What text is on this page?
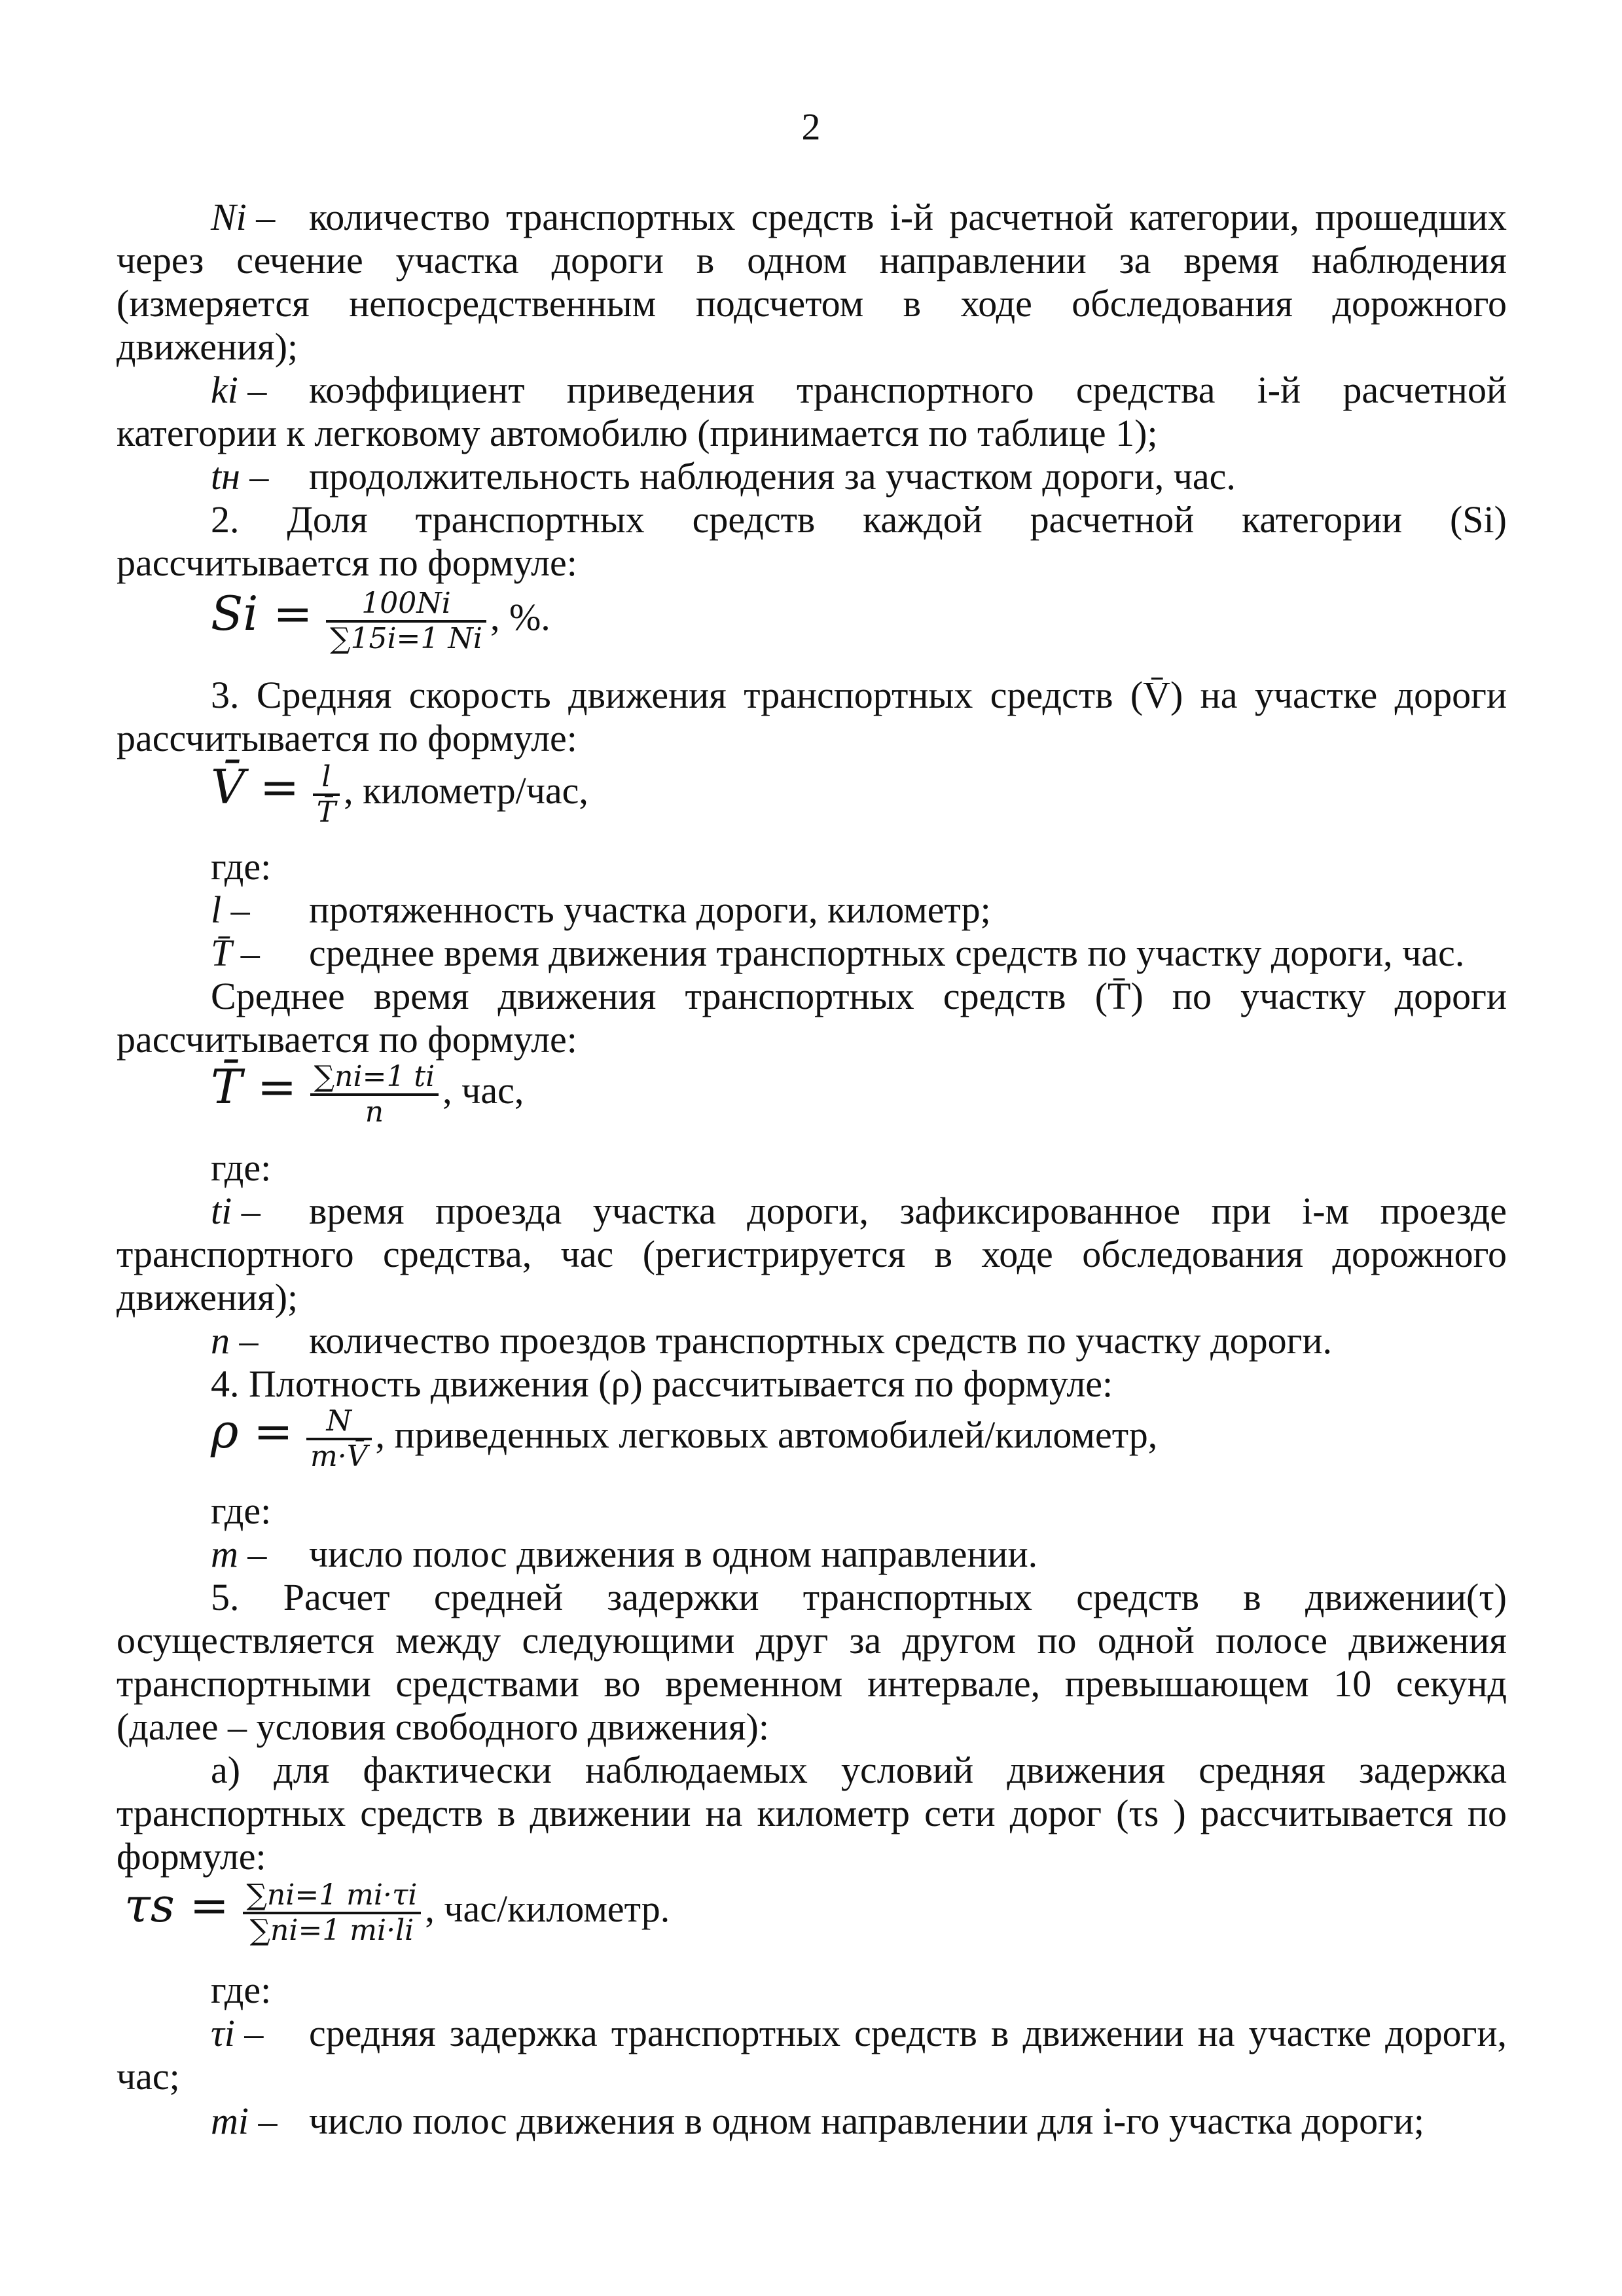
2
Ni – количество транспортных средств i-й расчетной категории, прошедших
через сечение участка дороги в одном направлении за время наблюдения
(измеряется непосредственным подсчетом в ходе обследования дорожного
движения);
ki – коэффициент приведения транспортного средства i-й расчетной
категории к легковому автомобилю (принимается по таблице 1);
tн – продолжительность наблюдения за участком дороги, час.
2. Доля транспортных средств каждой расчетной категории (Si)
рассчитывается по формуле:
$Si = \frac{100Ni}{\sum 15i=1 Ni}$ , %.
3. Средняя скорость движения транспортных средств (V̄) на участке дороги
рассчитывается по формуле:
V̄ = $\frac{l}{T̄}$ , километр/час,
где:
l – протяженность участка дороги, километр;
T̄ – среднее время движения транспортных средств по участку дороги, час.
Среднее время движения транспортных средств (T̄) по участку дороги
рассчитывается по формуле:
T̄ = $\frac{\sum ni=1 ti}{n}$ , час,
где:
ti – время проезда участка дороги, зафиксированное при i-м проезде
транспортного средства, час (регистрируется в ходе обследования дорожного
движения);
n – количество проездов транспортных средств по участку дороги.
4. Плотность движения (ρ) рассчитывается по формуле:
$\rho = \frac{N}{m\cdot V̄}$ , приведенных легковых автомобилей/километр,
где:
m – число полос движения в одном направлении.
5. Расчет средней задержки транспортных средств в движении(τ)
осуществляется между следующими друг за другом по одной полосе движения
транспортными средствами во временном интервале, превышающем 10 секунд
(далее – условия свободного движения):
а) для фактически наблюдаемых условий движения средняя задержка
транспортных средств в движении на километр сети дорог (τs ) рассчитывается по
формуле:
$\tau s = \frac{\sum ni=1 mi\cdot\tau i}{\sum ni=1 mi\cdot li}$ , час/километр.
где:
τi – средняя задержка транспортных средств в движении на участке дороги,
час;
mi – число полос движения в одном направлении для i-го участка дороги;
